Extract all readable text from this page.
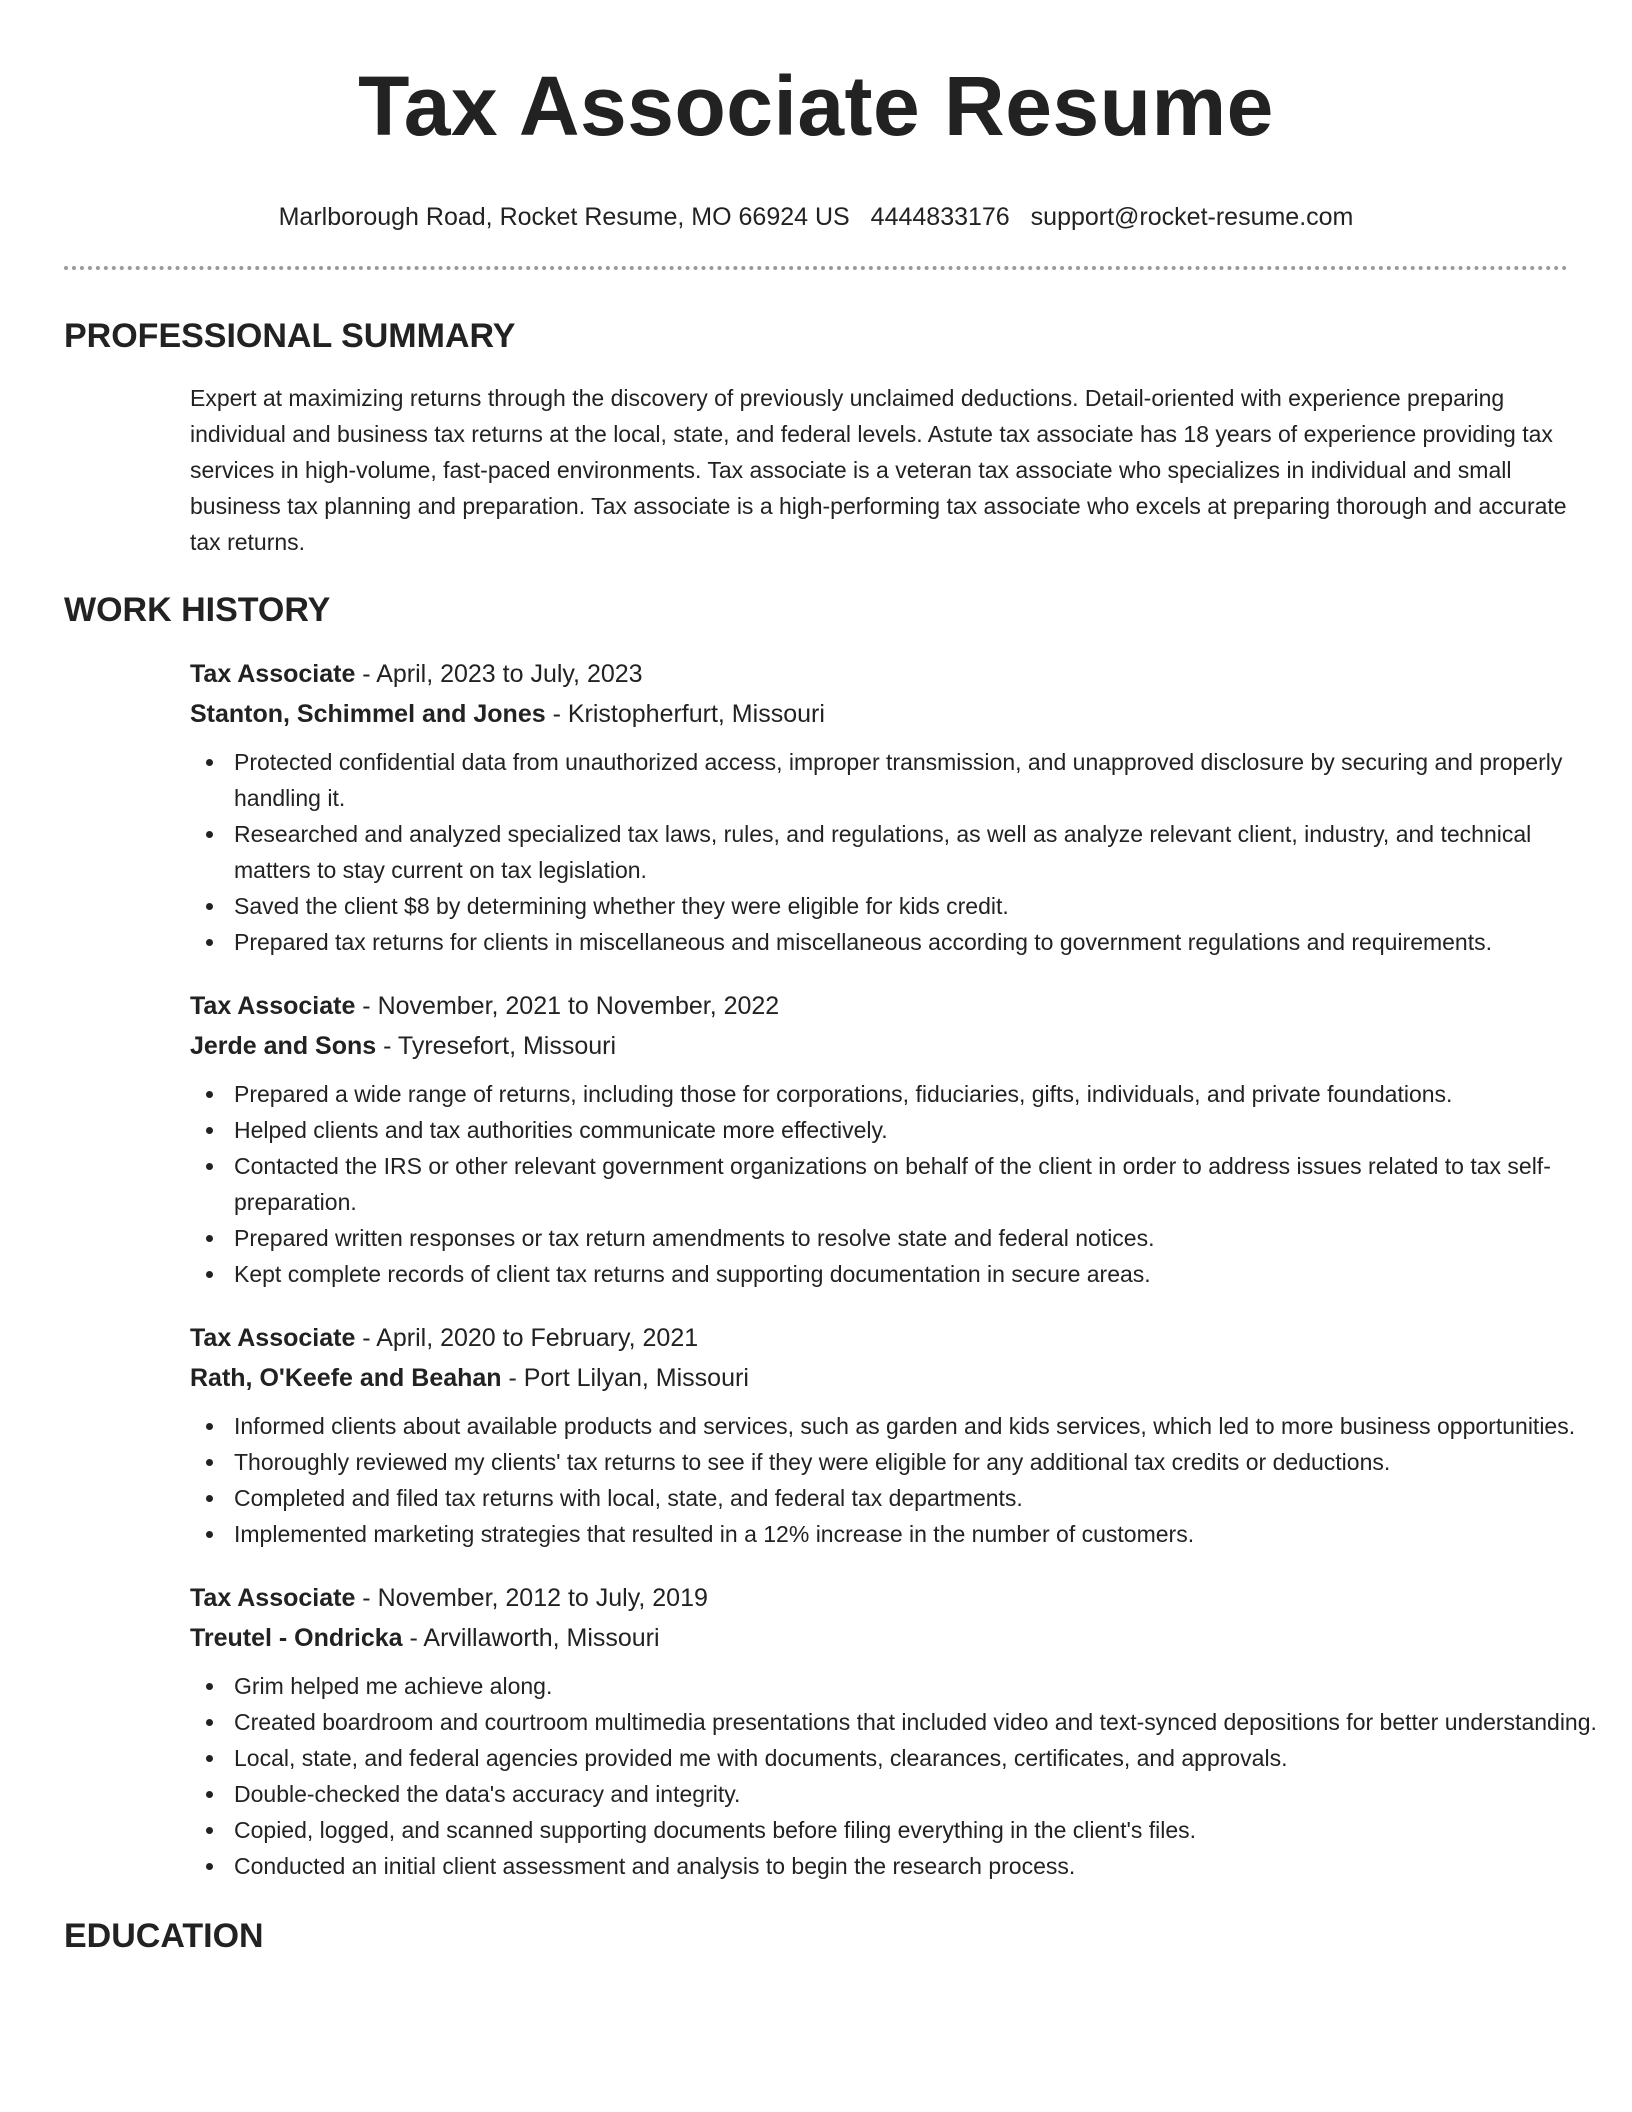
Tax Associate Resume
Marlborough Road, Rocket Resume, MO 66924 US 4444833176 support@rocket-resume.com
PROFESSIONAL SUMMARY

Expert at maximizing returns through the discovery of previously unclaimed deductions. Detail-oriented with experience preparing individual and business tax returns at the local, state, and federal levels. Astute tax associate has 18 years of experience providing tax services in high-volume, fast-paced environments. Tax associate is a veteran tax associate who specializes in individual and small business tax planning and preparation. Tax associate is a high-performing tax associate who excels at preparing thorough and accurate tax returns.

WORK HISTORY
Tax Associate - April, 2023 to July, 2023
Stanton, Schimmel and Jones - Kristopherfurt, Missouri
Protected confidential data from unauthorized access, improper transmission, and unapproved disclosure by securing and properly handling it.
Researched and analyzed specialized tax laws, rules, and regulations, as well as analyze relevant client, industry, and technical matters to stay current on tax legislation.
Saved the client $8 by determining whether they were eligible for kids credit.
Prepared tax returns for clients in miscellaneous and miscellaneous according to government regulations and requirements.
Tax Associate - November, 2021 to November, 2022
Jerde and Sons - Tyresefort, Missouri
Prepared a wide range of returns, including those for corporations, fiduciaries, gifts, individuals, and private foundations.
Helped clients and tax authorities communicate more effectively.
Contacted the IRS or other relevant government organizations on behalf of the client in order to address issues related to tax self-preparation.
Prepared written responses or tax return amendments to resolve state and federal notices.
Kept complete records of client tax returns and supporting documentation in secure areas.
Tax Associate - April, 2020 to February, 2021
Rath, O'Keefe and Beahan - Port Lilyan, Missouri
Informed clients about available products and services, such as garden and kids services, which led to more business opportunities.
Thoroughly reviewed my clients' tax returns to see if they were eligible for any additional tax credits or deductions.
Completed and filed tax returns with local, state, and federal tax departments.
Implemented marketing strategies that resulted in a 12% increase in the number of customers.
Tax Associate - November, 2012 to July, 2019
Treutel - Ondricka - Arvillaworth, Missouri
Grim helped me achieve along.
Created boardroom and courtroom multimedia presentations that included video and text-synced depositions for better understanding.
Local, state, and federal agencies provided me with documents, clearances, certificates, and approvals.
Double-checked the data's accuracy and integrity.
Copied, logged, and scanned supporting documents before filing everything in the client's files.
Conducted an initial client assessment and analysis to begin the research process.
EDUCATION
